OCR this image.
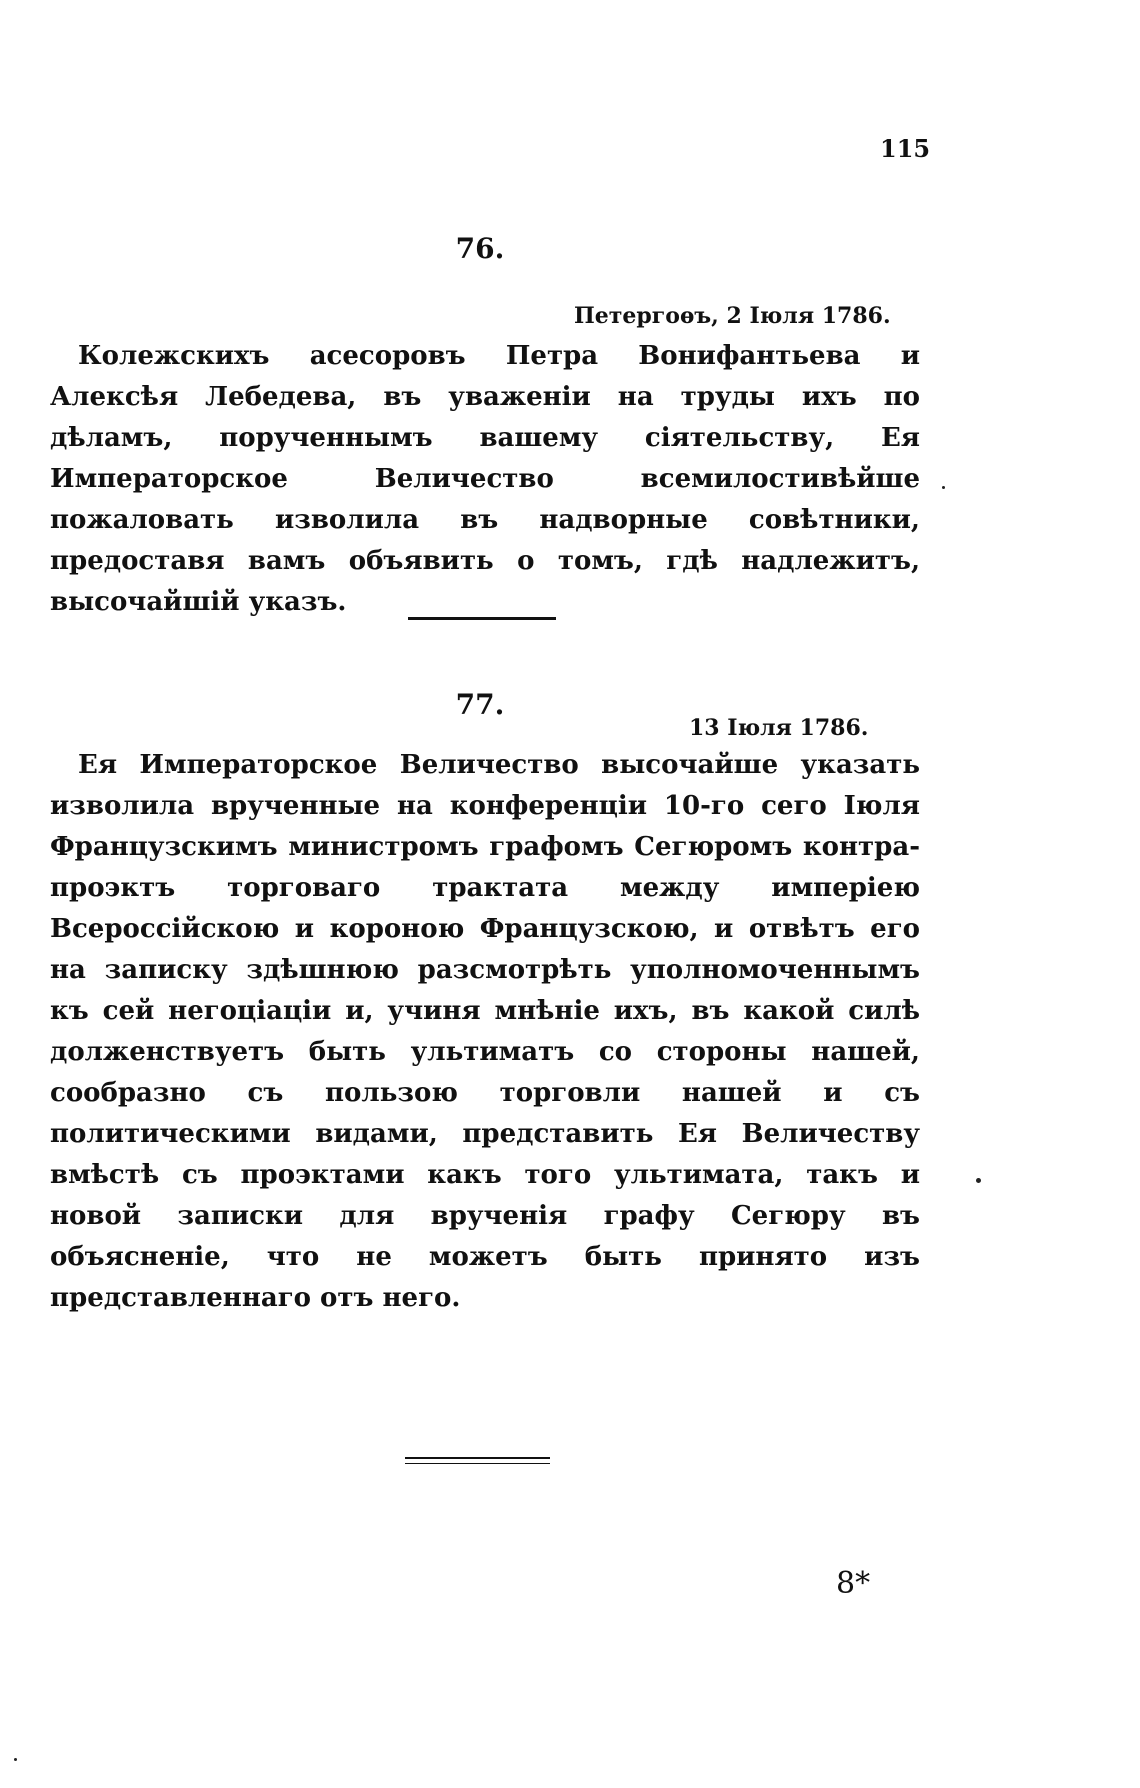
115
76.
Петергоѳъ, 2 Іюля 1786.

Колежскихъ асесоровъ Петра Вонифантьева и Алексѣя Лебедева, въ уваженіи на труды ихъ по дѣламъ, порученнымъ вашему сіятельству, Ея Императорское Величество всемилостивѣйше пожаловать изволила въ надворные совѣтники, предоставя вамъ объявить о томъ, гдѣ надлежитъ, высочайшій указъ.

77.
13 Іюля 1786.

Ея Императорское Величество высочайше указать изволила врученные на конференціи 10-го сего Іюля Французскимъ министромъ графомъ Сегюромъ контра-проэктъ торговаго трактата между имперіею Всероссійскою и короною Французскою, и отвѣтъ его на записку здѣшнюю разсмотрѣть уполномоченнымъ къ сей негоціаціи и, учиня мнѣніе ихъ, въ какой силѣ долженствуетъ быть ультиматъ со стороны нашей, сообразно съ пользою торговли нашей и съ политическими видами, представить Ея Величеству вмѣстѣ съ проэктами какъ того ультимата, такъ и новой записки для врученія графу Сегюру въ объясненіе, что не можетъ быть принято изъ представленнаго отъ него.

8*
